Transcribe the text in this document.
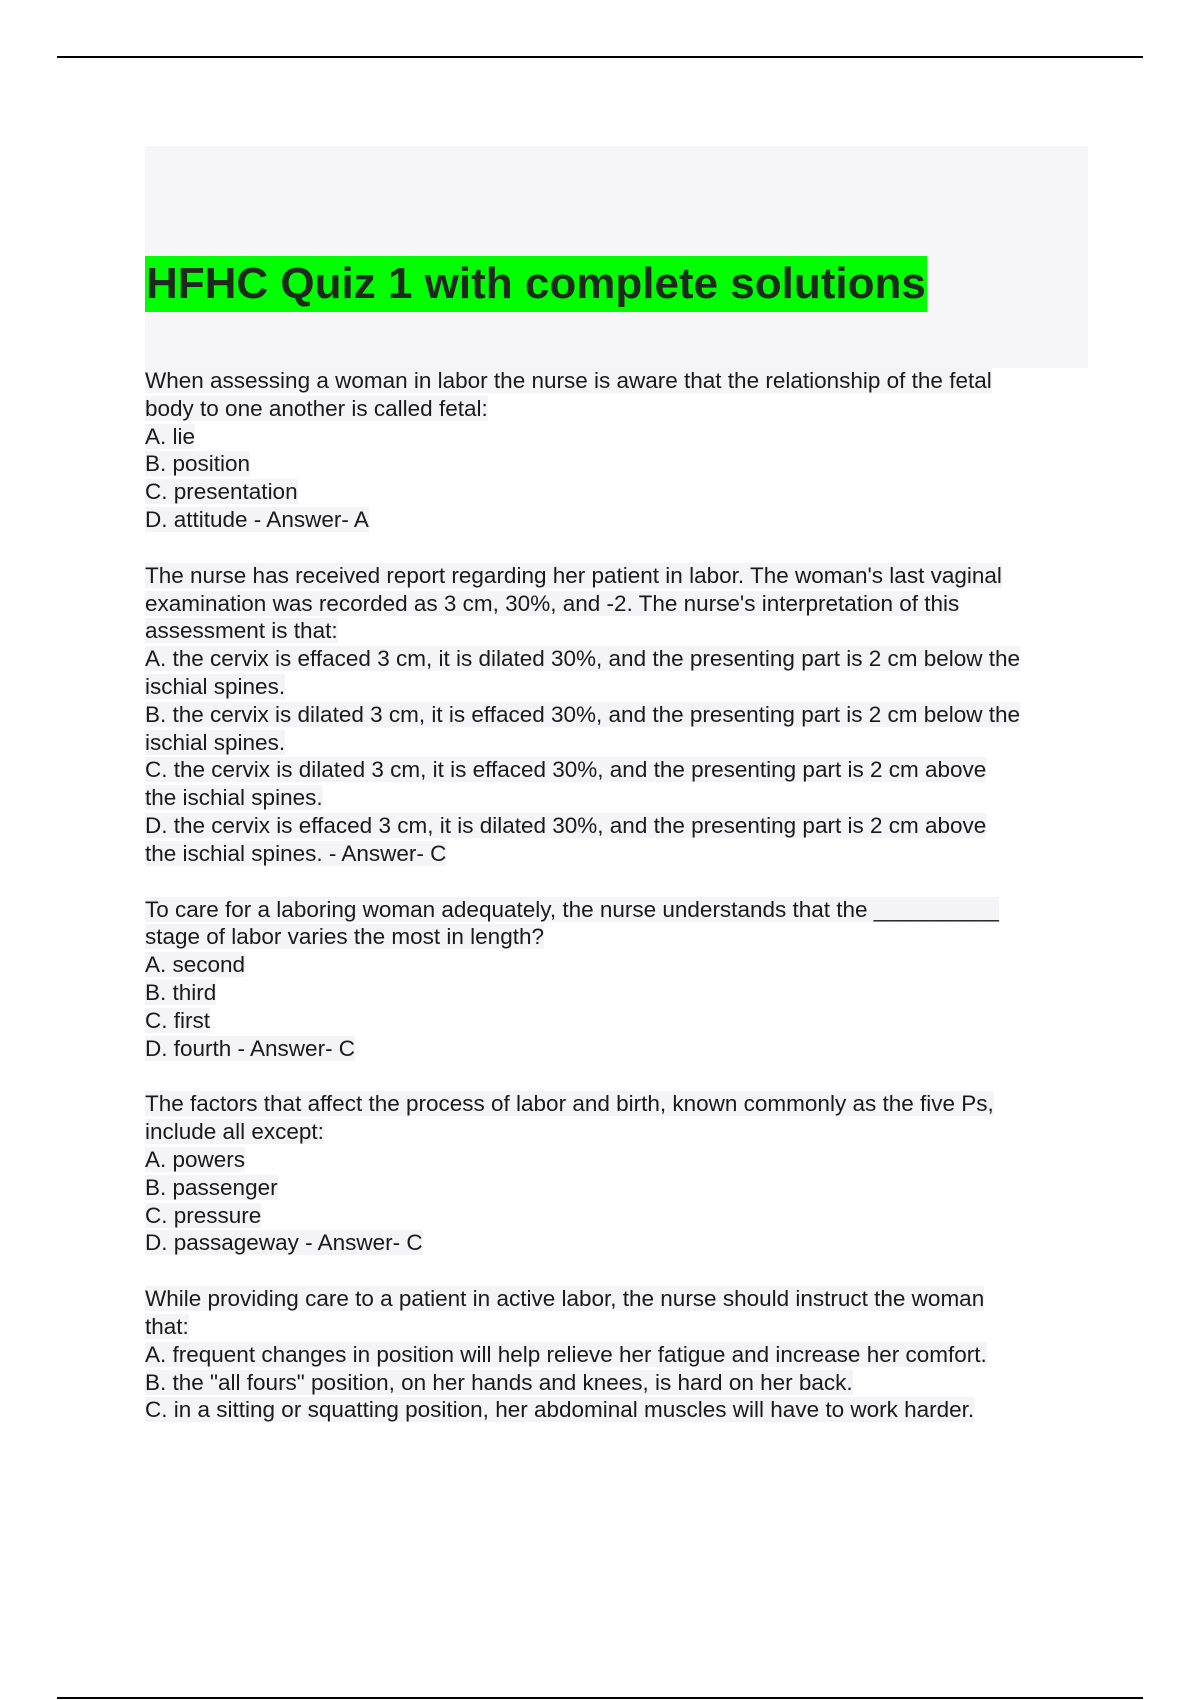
HFHC Quiz 1 with complete solutions
When assessing a woman in labor the nurse is aware that the relationship of the fetal
body to one another is called fetal:
A. lie
B. position
C. presentation
D. attitude - Answer- A
The nurse has received report regarding her patient in labor. The woman's last vaginal
examination was recorded as 3 cm, 30%, and -2. The nurse's interpretation of this
assessment is that:
A. the cervix is effaced 3 cm, it is dilated 30%, and the presenting part is 2 cm below the
ischial spines.
B. the cervix is dilated 3 cm, it is effaced 30%, and the presenting part is 2 cm below the
ischial spines.
C. the cervix is dilated 3 cm, it is effaced 30%, and the presenting part is 2 cm above
the ischial spines.
D. the cervix is effaced 3 cm, it is dilated 30%, and the presenting part is 2 cm above
the ischial spines. - Answer- C
To care for a laboring woman adequately, the nurse understands that the __________
stage of labor varies the most in length?
A. second
B. third
C. first
D. fourth - Answer- C
The factors that affect the process of labor and birth, known commonly as the five Ps,
include all except:
A. powers
B. passenger
C. pressure
D. passageway - Answer- C
While providing care to a patient in active labor, the nurse should instruct the woman
that:
A. frequent changes in position will help relieve her fatigue and increase her comfort.
B. the "all fours" position, on her hands and knees, is hard on her back.
C. in a sitting or squatting position, her abdominal muscles will have to work harder.
